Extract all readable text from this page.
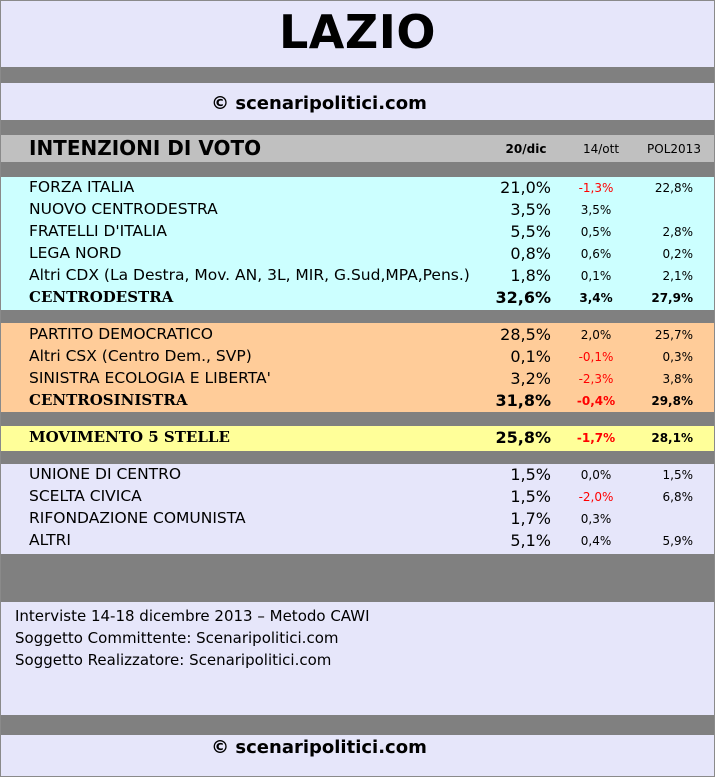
LAZIO
© scenaripolitici.com
INTENZIONI DI VOTO	20/dic	14/ott	POL2013
FORZA ITALIA	21,0%	-1,3%	22,8%
NUOVO CENTRODESTRA	3,5%	3,5%
FRATELLI D'ITALIA	5,5%	0,5%	2,8%
LEGA NORD	0,8%	0,6%	0,2%
Altri CDX (La Destra, Mov. AN, 3L, MIR, G.Sud,MPA,Pens.)	1,8%	0,1%	2,1%
CENTRODESTRA	32,6%	3,4%	27,9%
PARTITO DEMOCRATICO	28,5%	2,0%	25,7%
Altri CSX (Centro Dem., SVP)	0,1%	-0,1%	0,3%
SINISTRA ECOLOGIA E LIBERTA'	3,2%	-2,3%	3,8%
CENTROSINISTRA	31,8%	-0,4%	29,8%
MOVIMENTO 5 STELLE	25,8%	-1,7%	28,1%
UNIONE DI CENTRO	1,5%	0,0%	1,5%
SCELTA CIVICA	1,5%	-2,0%	6,8%
RIFONDAZIONE COMUNISTA	1,7%	0,3%
ALTRI	5,1%	0,4%	5,9%
Interviste 14-18 dicembre 2013 – Metodo CAWI
Soggetto Committente: Scenaripolitici.com
Soggetto Realizzatore: Scenaripolitici.com
© scenaripolitici.com
